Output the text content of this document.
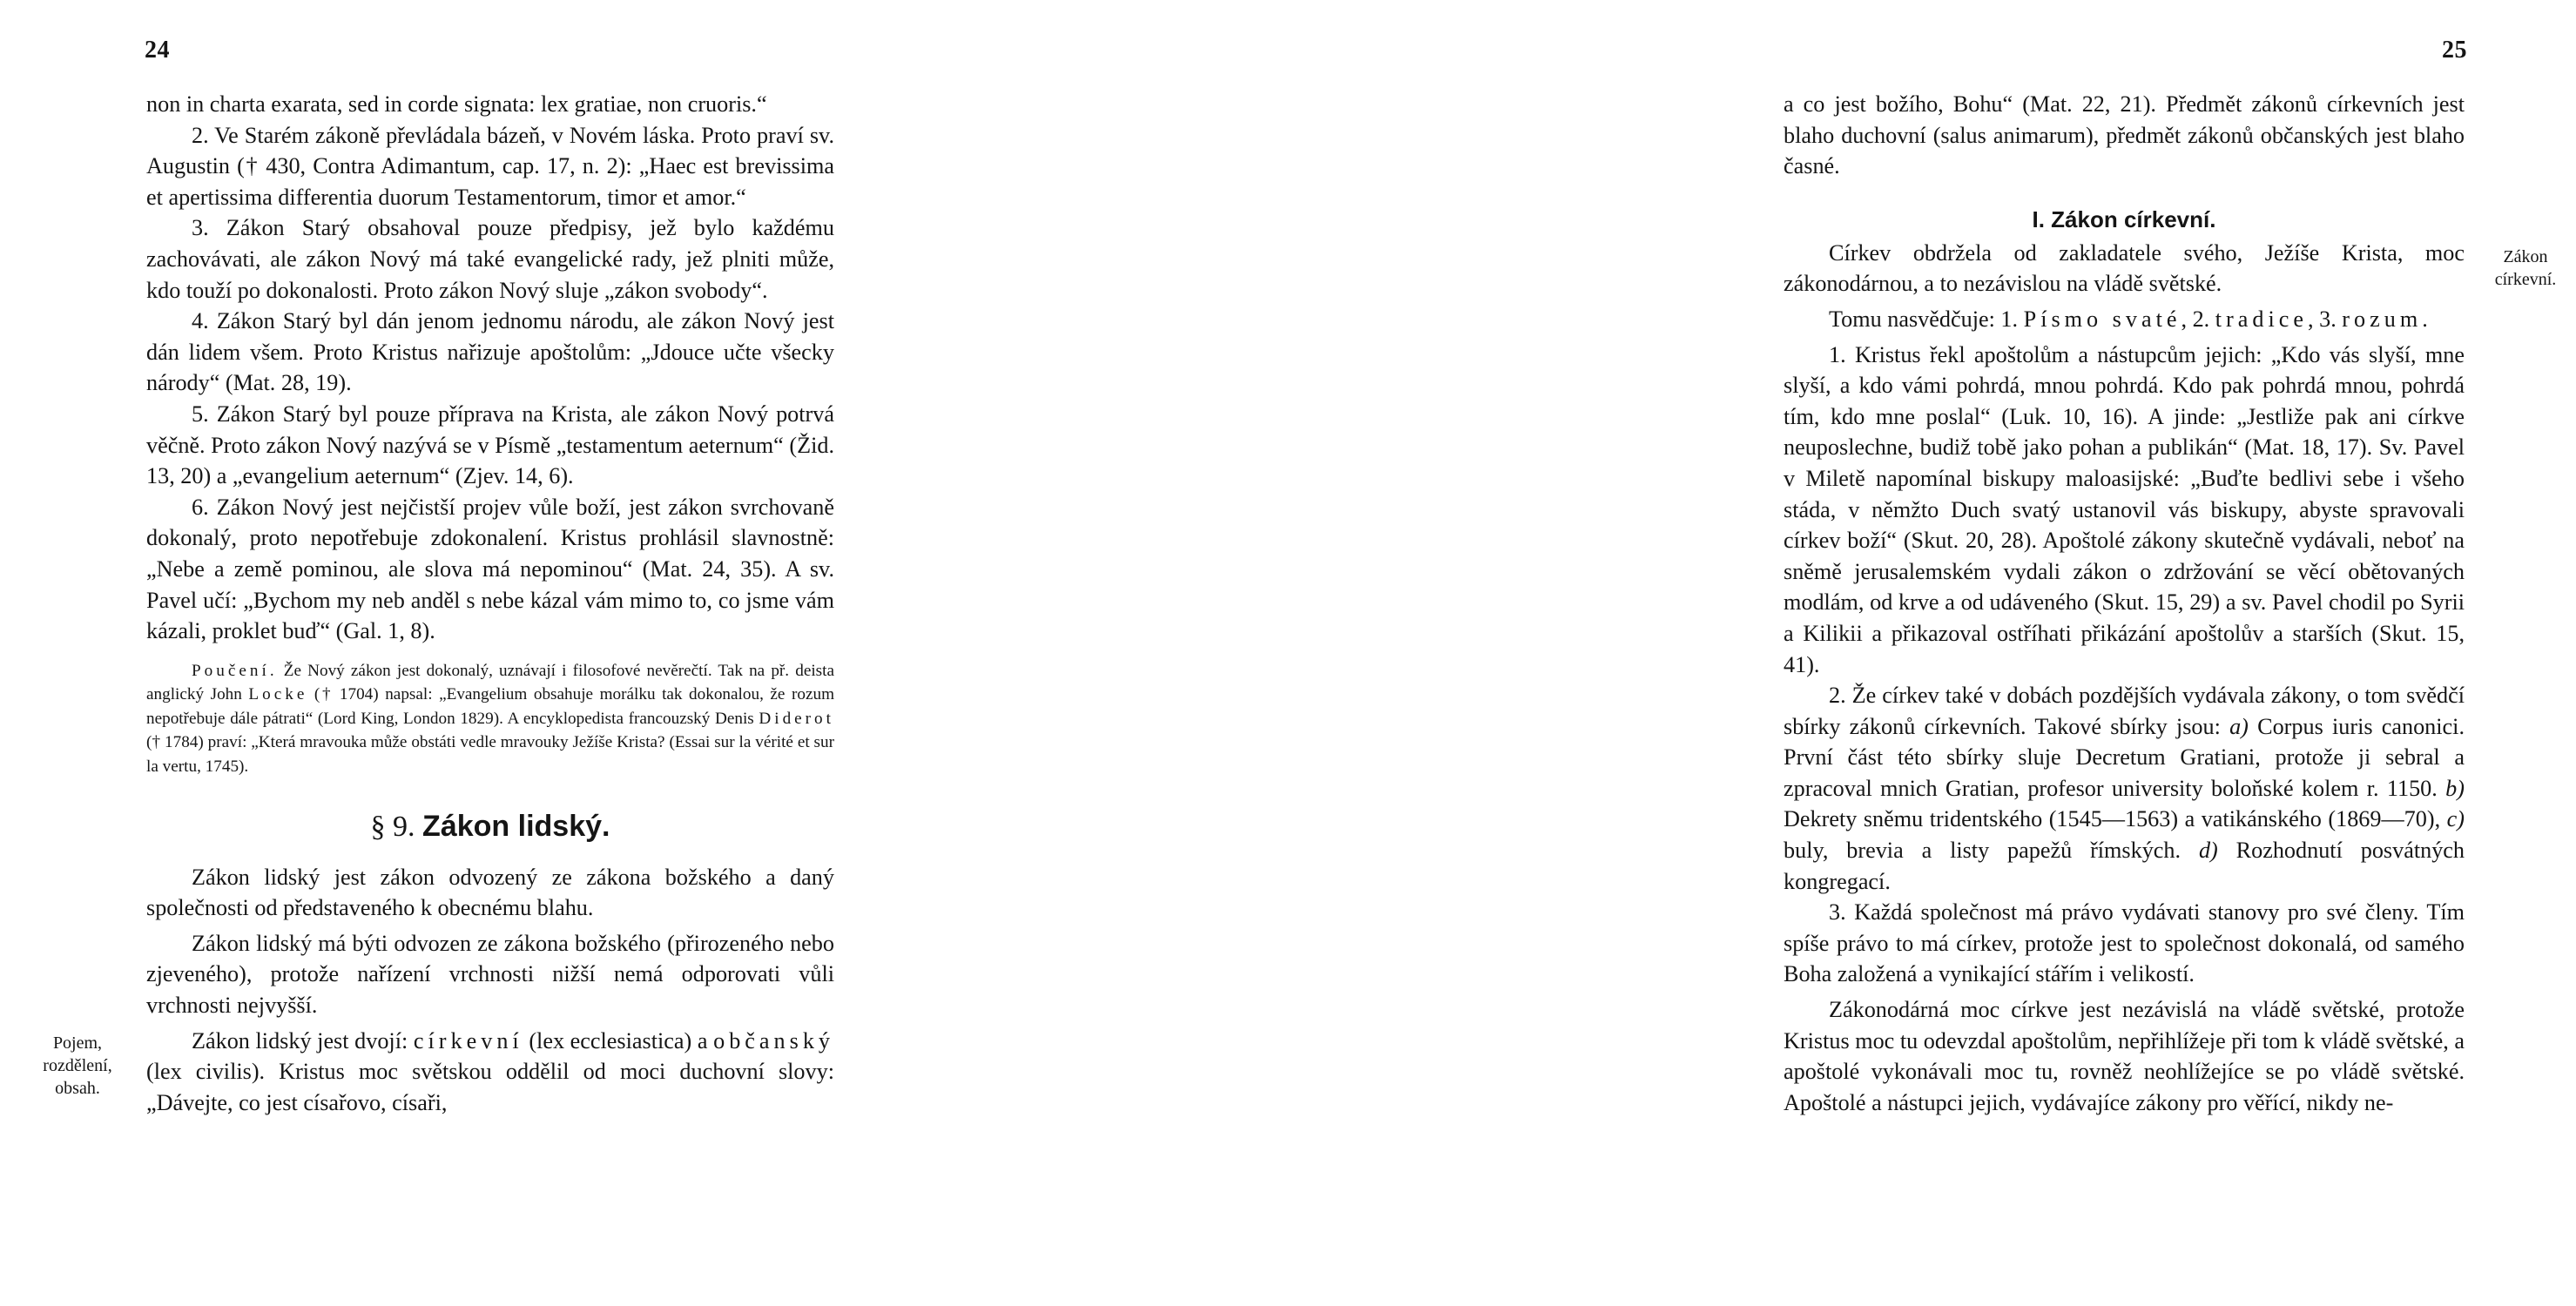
24

non in charta exarata, sed in corde signata: lex gratiae, non cruoris.“

2. Ve Starém zákoně převládala bázeň, v Novém láska. Proto praví sv. Augustin († 430, Contra Adimantum, cap. 17, n. 2): „Haec est brevissima et apertissima differentia duorum Testamentorum, timor et amor.“

3. Zákon Starý obsahoval pouze předpisy, jež bylo každému zachovávati, ale zákon Nový má také evangelické rady, jež plniti může, kdo touží po dokonalosti. Proto zákon Nový sluje „zákon svobody“.

4. Zákon Starý byl dán jenom jednomu národu, ale zákon Nový jest dán lidem všem. Proto Kristus nařizuje apoštolům: „Jdouce učte všecky národy“ (Mat. 28, 19).

5. Zákon Starý byl pouze příprava na Krista, ale zákon Nový potrvá věčně. Proto zákon Nový nazývá se v Písmě „testamentum aeternum“ (Žid. 13, 20) a „evangelium aeternum“ (Zjev. 14, 6).

6. Zákon Nový jest nejčistší projev vůle boží, jest zákon svrchovaně dokonalý, proto nepotřebuje zdokonalení. Kristus prohlásil slavnostně: „Nebe a země pominou, ale slova má nepominou“ (Mat. 24, 35). A sv. Pavel učí: „Bychom my neb anděl s nebe kázal vám mimo to, co jsme vám kázali, proklet buď“ (Gal. 1, 8).

Poučení. Že Nový zákon jest dokonalý, uznávají i filosofové nevěrečtí. Tak na př. deista anglický John Locke († 1704) napsal: „Evangelium obsahuje morálku tak dokonalou, že rozum nepotřebuje dále pátrati“ (Lord King, London 1829). A encyklopedista francouzský Denis Diderot († 1784) praví: „Která mravouka může obstáti vedle mravouky Ježíše Krista? (Essai sur la vérité et sur la vertu, 1745).

§ 9. Zákon lidský.

Zákon lidský jest zákon odvozený ze zákona božského a daný společnosti od představeného k obecnému blahu.

Zákon lidský má býti odvozen ze zákona božského (přirozeného nebo zjeveného), protože nařízení vrchnosti nižší nemá odporovati vůli vrchnosti nejvyšší.

Zákon lidský jest dvojí: církevní (lex ecclesiastica) a občanský (lex civilis). Kristus moc světskou oddělil od moci duchovní slovy: „Dávejte, co jest císařovo, císaři,

Pojem,
rozdělení,
obsah.
25

a co jest božího, Bohu“ (Mat. 22, 21). Předmět zákonů církevních jest blaho duchovní (salus animarum), předmět zákonů občanských jest blaho časné.

I. Zákon církevní.

Církev obdržela od zakladatele svého, Ježíše Krista, moc zákonodárnou, a to nezávislou na vládě světské.

Tomu nasvědčuje: 1. Písmo svaté, 2. tradice, 3. rozum.

1. Kristus řekl apoštolům a nástupcům jejich: „Kdo vás slyší, mne slyší, a kdo vámi pohrdá, mnou pohrdá. Kdo pak pohrdá mnou, pohrdá tím, kdo mne poslal“ (Luk. 10, 16). A jinde: „Jestliže pak ani církve neuposlechne, budiž tobě jako pohan a publikán“ (Mat. 18, 17). Sv. Pavel v Miletě napomínal biskupy maloasijské: „Buďte bedlivi sebe i všeho stáda, v němžto Duch svatý ustanovil vás biskupy, abyste spravovali církev boží“ (Skut. 20, 28). Apoštolé zákony skutečně vydávali, neboť na sněmě jerusalemském vydali zákon o zdržování se věcí obětovaných modlám, od krve a od udáveného (Skut. 15, 29) a sv. Pavel chodil po Syrii a Kilikii a přikazoval ostříhati přikázání apoštolův a starších (Skut. 15, 41).

2. Že církev také v dobách pozdějších vydávala zákony, o tom svědčí sbírky zákonů církevních. Takové sbírky jsou: a) Corpus iuris canonici. První část této sbírky sluje Decretum Gratiani, protože ji sebral a zpracoval mnich Gratian, profesor university boloňské kolem r. 1150. b) Dekrety sněmu tridentského (1545—1563) a vatikánského (1869—70), c) buly, brevia a listy papežů římských. d) Rozhodnutí posvátných kongregací.

3. Každá společnost má právo vydávati stanovy pro své členy. Tím spíše právo to má církev, protože jest to společnost dokonalá, od samého Boha založená a vynikající stářím i velikostí.

Zákonodárná moc církve jest nezávislá na vládě světské, protože Kristus moc tu odevzdal apoštolům, nepřihlížeje při tom k vládě světské, a apoštolé vykonávali moc tu, rovněž neohlížejíce se po vládě světské. Apoštolé a nástupci jejich, vydávajíce zákony pro věřící, nikdy ne-

Zákon
církevní.
